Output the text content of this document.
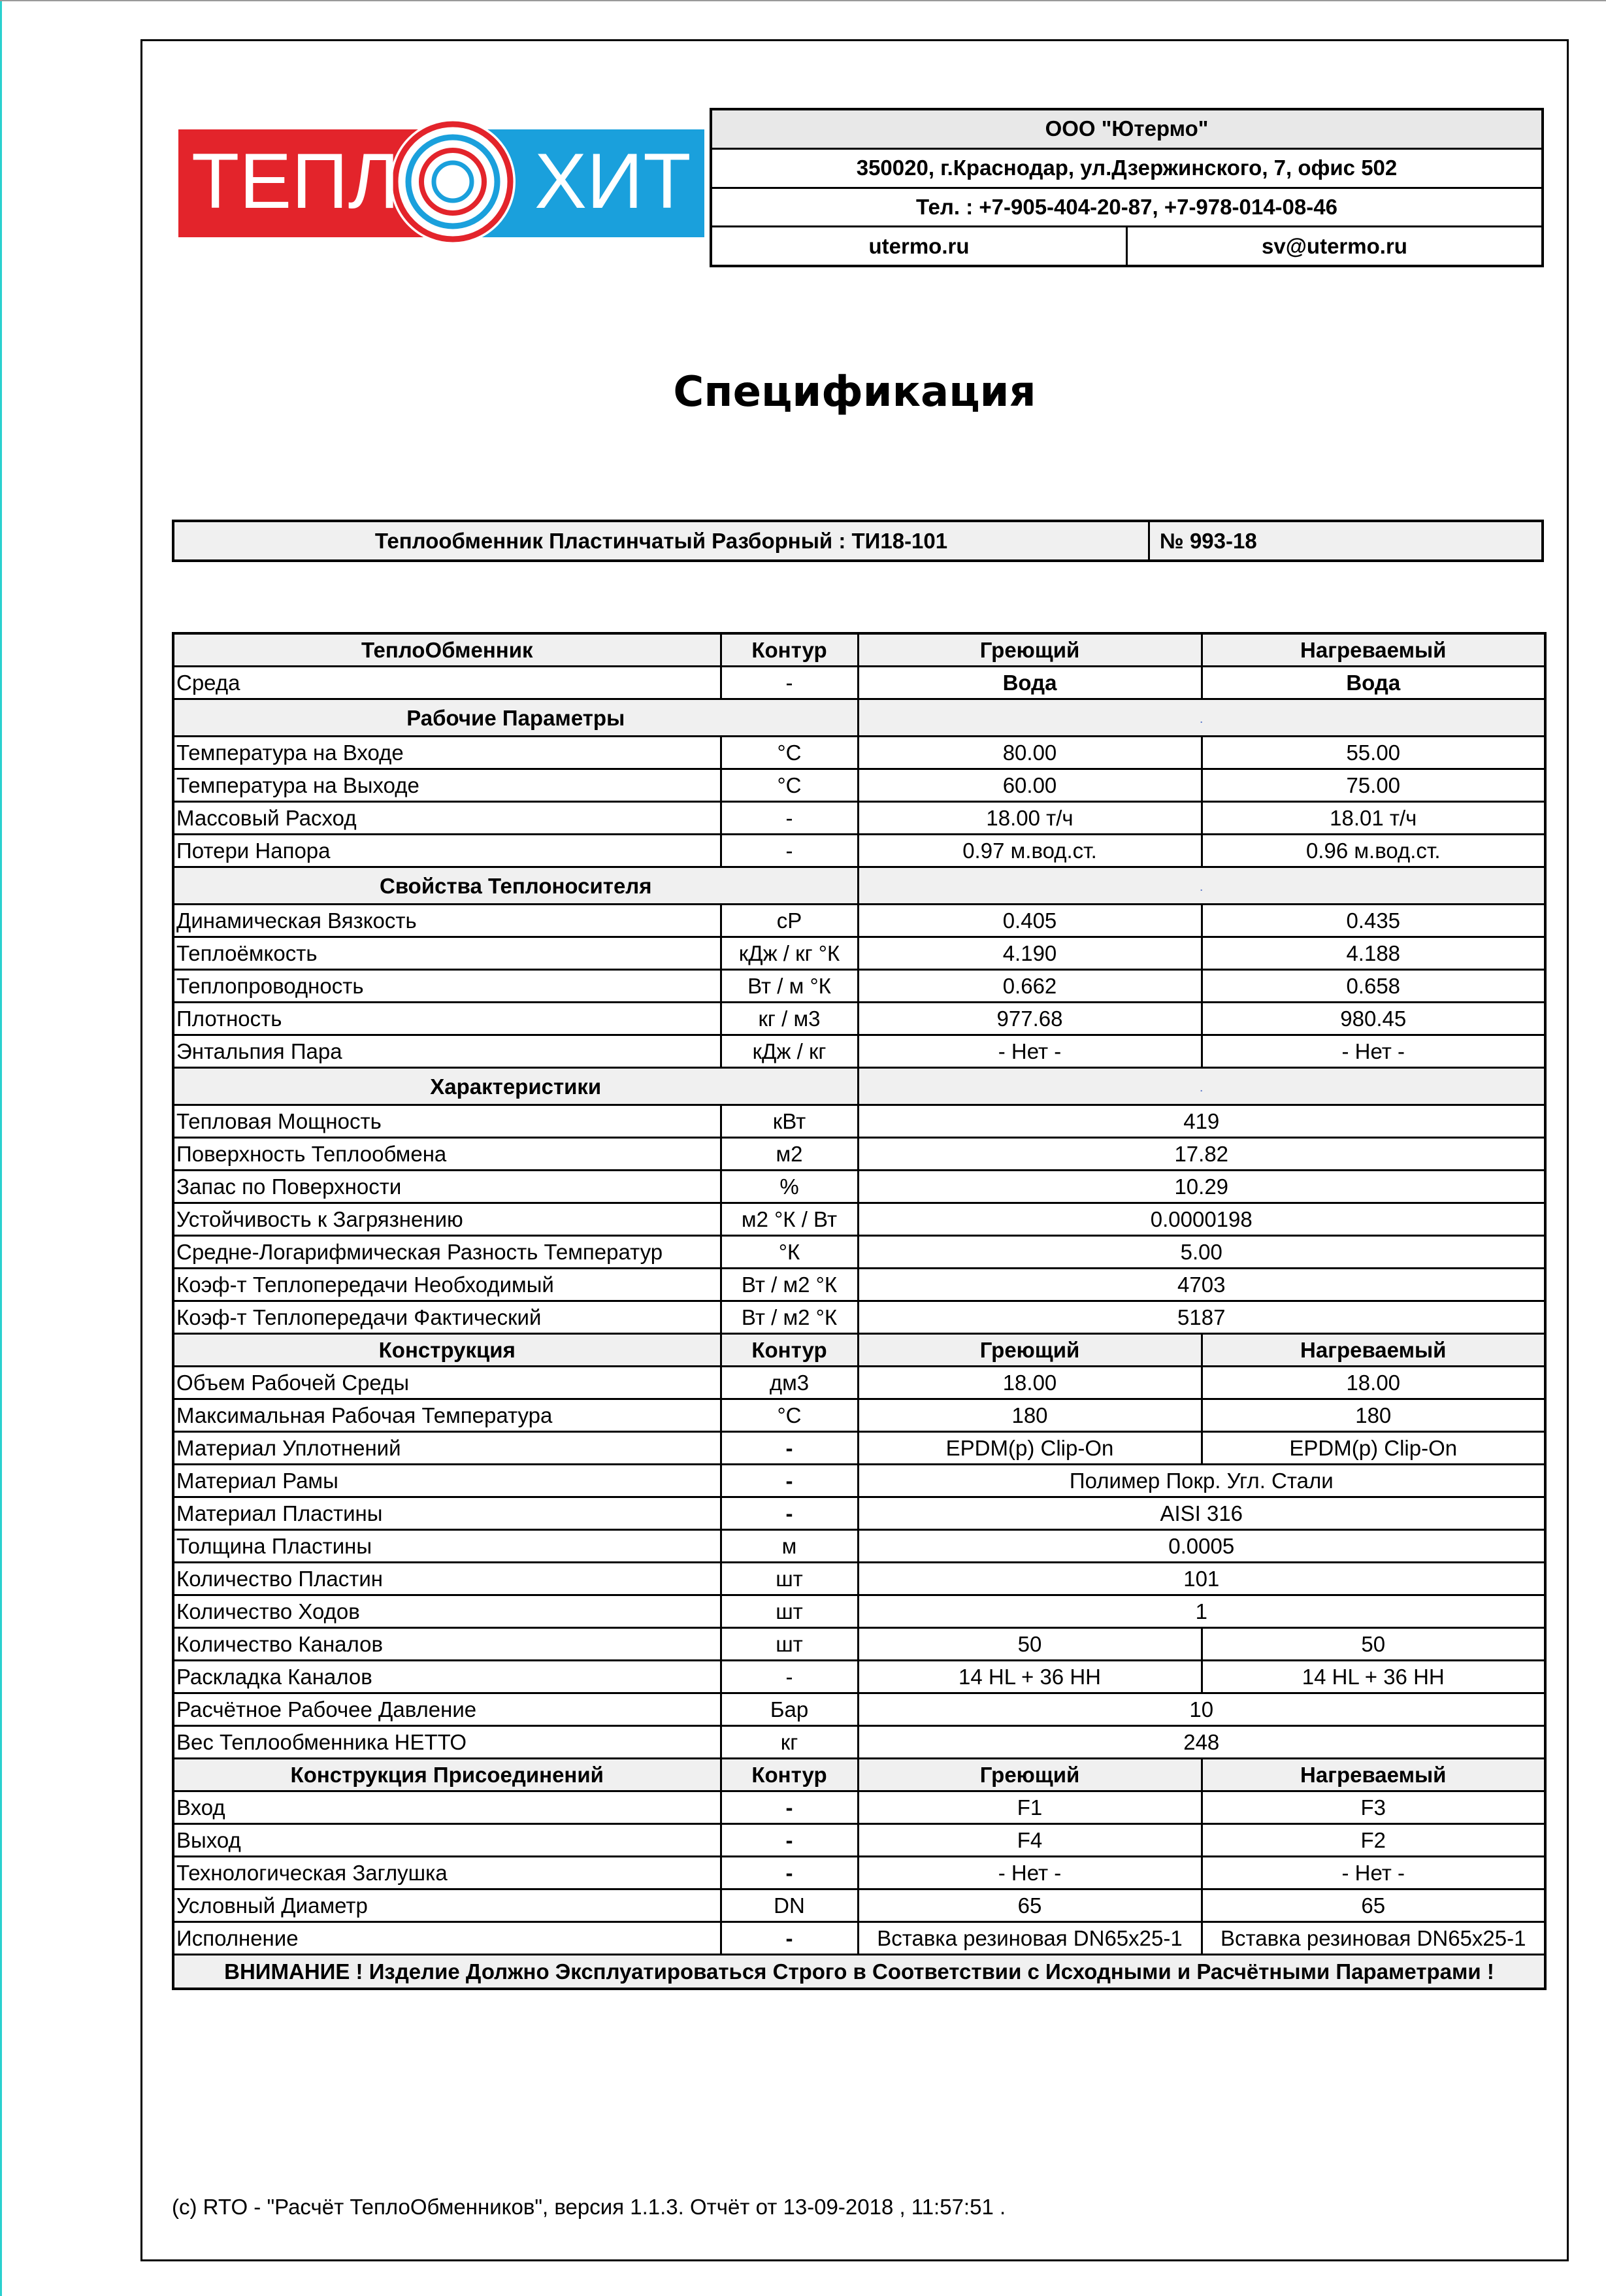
ТЕПЛ ХИТ
ООО "Ютермо"
350020, г.Краснодар, ул.Дзержинского, 7, офис 502
Тел. : +7-905-404-20-87, +7-978-014-08-46
utermo.ru	sv@utermo.ru
Спецификация
Теплообменник Пластинчатый Разборный : ТИ18-101	№ 993-18
ТеплоОбменник	Контур	Греющий	Нагреваемый
Среда	-	Вода	Вода
Рабочие Параметры		.	
Температура на Входе	°С	80.00	55.00
Температура на Выходе	°С	60.00	75.00
Массовый Расход	-	18.00 т/ч	18.01 т/ч
Потери Напора	-	0.97 м.вод.ст.	0.96 м.вод.ст.
Свойства Теплоносителя		.	
Динамическая Вязкость	cP	0.405	0.435
Теплоёмкость	кДж / кг °К	4.190	4.188
Теплопроводность	Вт / м °К	0.662	0.658
Плотность	кг / м3	977.68	980.45
Энтальпия Пара	кДж / кг	- Нет -	- Нет -
Характеристики		.	
Тепловая Мощность	кВт	419	
Поверхность Теплообмена	м2	17.82	
Запас по Поверхности	%	10.29	
Устойчивость к Загрязнению	м2 °К / Вт	0.0000198	
Средне-Логарифмическая Разность Температур	°К	5.00	
Коэф-т Теплопередачи Необходимый	Вт / м2 °К	4703	
Коэф-т Теплопередачи Фактический	Вт / м2 °К	5187	
Конструкция	Контур	Греющий	Нагреваемый
Объем Рабочей Среды	дм3	18.00	18.00
Максимальная Рабочая Температура	°С	180	180
Материал Уплотнений	-	EPDM(p) Clip-On	EPDM(p) Clip-On
Материал Рамы	-	Полимер Покр. Угл. Стали	
Материал Пластины	-	AISI 316	
Толщина Пластины	м	0.0005	
Количество Пластин	шт	101	
Количество Ходов	шт	1	
Количество Каналов	шт	50	50
Раскладка Каналов	-	14 HL + 36 HH	14 HL + 36 HH
Расчётное Рабочее Давление	Бар	10	
Вес Теплообменника НЕТТО	кг	248	
Конструкция Присоединений	Контур	Греющий	Нагреваемый
Вход	-	F1	F3
Выход	-	F4	F2
Технологическая Заглушка	-	- Нет -	- Нет -
Условный Диаметр	DN	65	65
Исполнение	-	Вставка резиновая DN65x25-1	Вставка резиновая DN65x25-1
ВНИМАНИЕ ! Изделие Должно Эксплуатироваться Строго в Соответствии с Исходными и Расчётными Параметрами !			
(c) RTO - "Расчёт ТеплоОбменников", версия 1.1.3. Отчёт от 13-09-2018 , 11:57:51 .
